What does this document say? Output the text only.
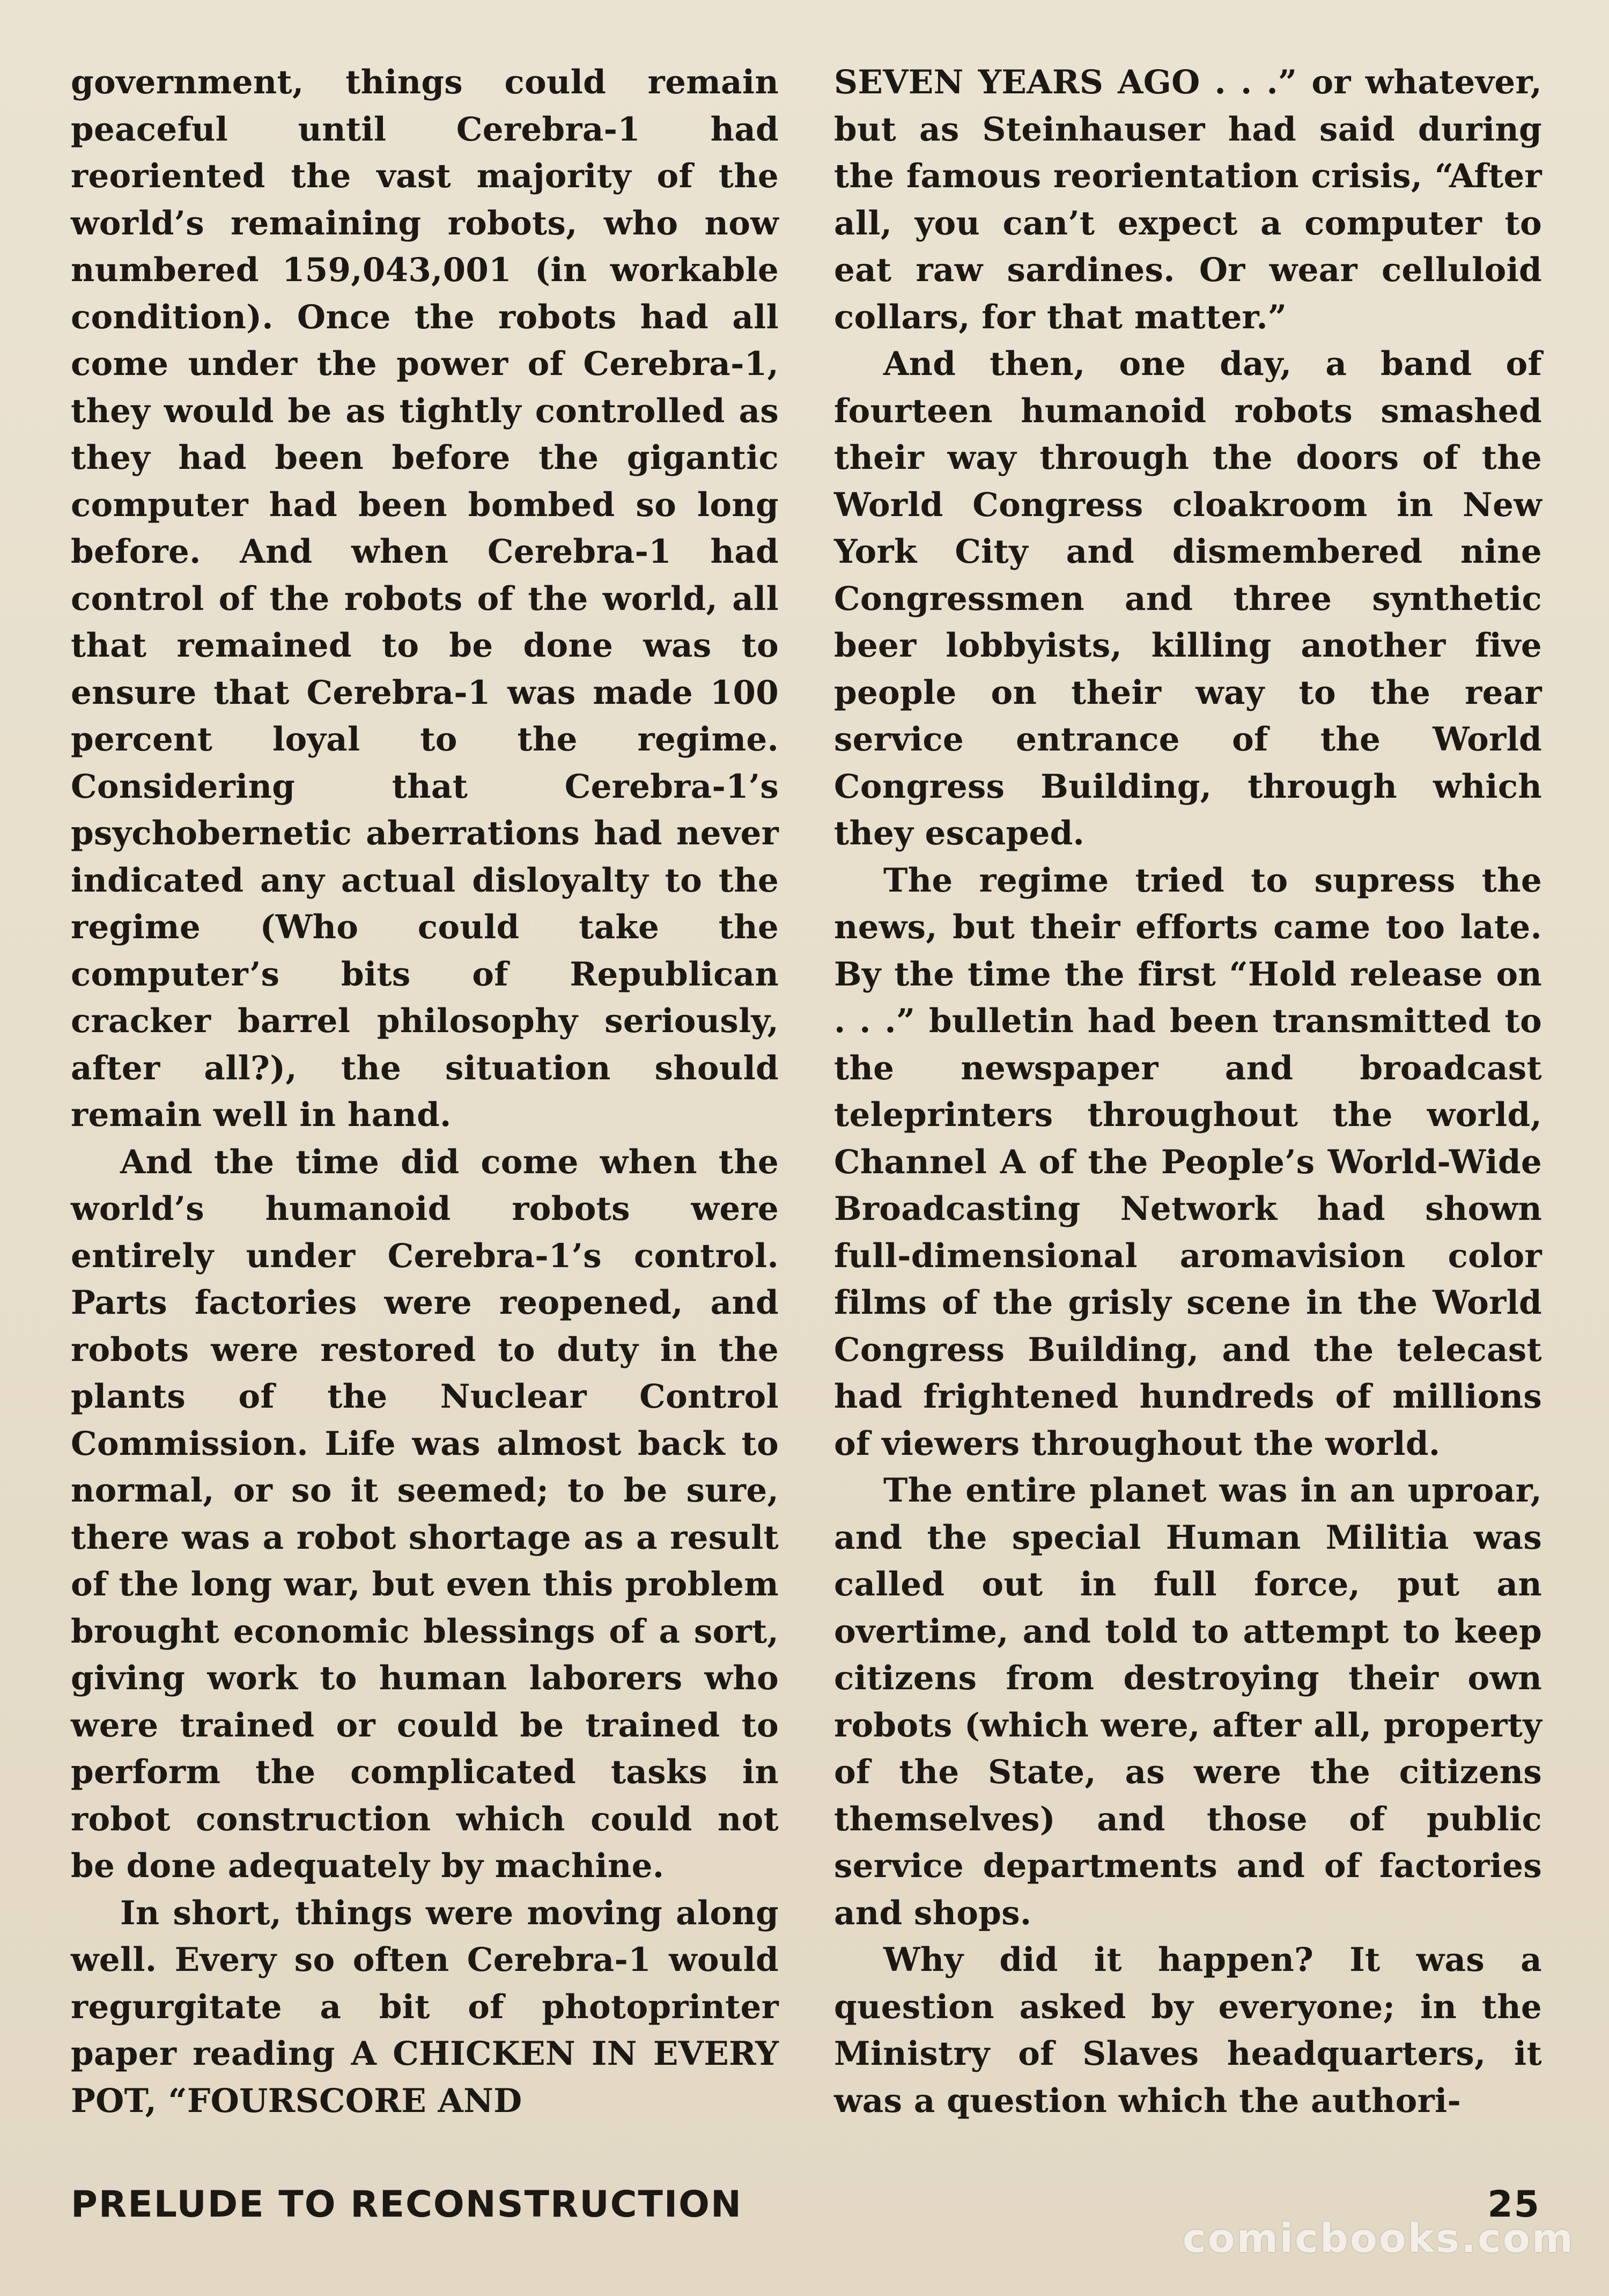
government, things could remain peaceful until Cerebra-1 had reoriented the vast majority of the world’s remaining robots, who now numbered 159,043,001 (in workable condition). Once the robots had all come under the power of Cerebra-1, they would be as tightly controlled as they had been before the gigantic computer had been bombed so long before. And when Cerebra-1 had control of the robots of the world, all that remained to be done was to ensure that Cerebra-1 was made 100 percent loyal to the regime. Considering that Cerebra-1’s psychobernetic aberrations had never indicated any actual disloyalty to the regime (Who could take the computer’s bits of Republican cracker barrel philosophy seriously, after all?), the situation should remain well in hand.

And the time did come when the world’s humanoid robots were entirely under Cerebra-1’s control. Parts factories were reopened, and robots were restored to duty in the plants of the Nuclear Control Commission. Life was almost back to normal, or so it seemed; to be sure, there was a robot shortage as a result of the long war, but even this problem brought economic blessings of a sort, giving work to human laborers who were trained or could be trained to perform the complicated tasks in robot construction which could not be done adequately by machine.

In short, things were moving along well. Every so often Cerebra-1 would regurgitate a bit of photoprinter paper reading A CHICKEN IN EVERY POT, “FOURSCORE AND

SEVEN YEARS AGO . . .” or whatever, but as Steinhauser had said during the famous reorientation crisis, “After all, you can’t expect a computer to eat raw sardines. Or wear celluloid collars, for that matter.”

And then, one day, a band of fourteen humanoid robots smashed their way through the doors of the World Congress cloakroom in New York City and dismembered nine Congressmen and three synthetic beer lobbyists, killing another five people on their way to the rear service entrance of the World Congress Building, through which they escaped.

The regime tried to supress the news, but their efforts came too late. By the time the first “Hold release on . . .” bulletin had been transmitted to the newspaper and broadcast teleprinters throughout the world, Channel A of the People’s World-Wide Broadcasting Network had shown full-dimensional aromavision color films of the grisly scene in the World Congress Building, and the telecast had frightened hundreds of millions of viewers throughout the world.

The entire planet was in an uproar, and the special Human Militia was called out in full force, put an overtime, and told to attempt to keep citizens from destroying their own robots (which were, after all, property of the State, as were the citizens themselves) and those of public service departments and of factories and shops.

Why did it happen? It was a question asked by everyone; in the Ministry of Slaves headquarters, it was a question which the authori-

PRELUDE TO RECONSTRUCTION	25
comicbooks.com
